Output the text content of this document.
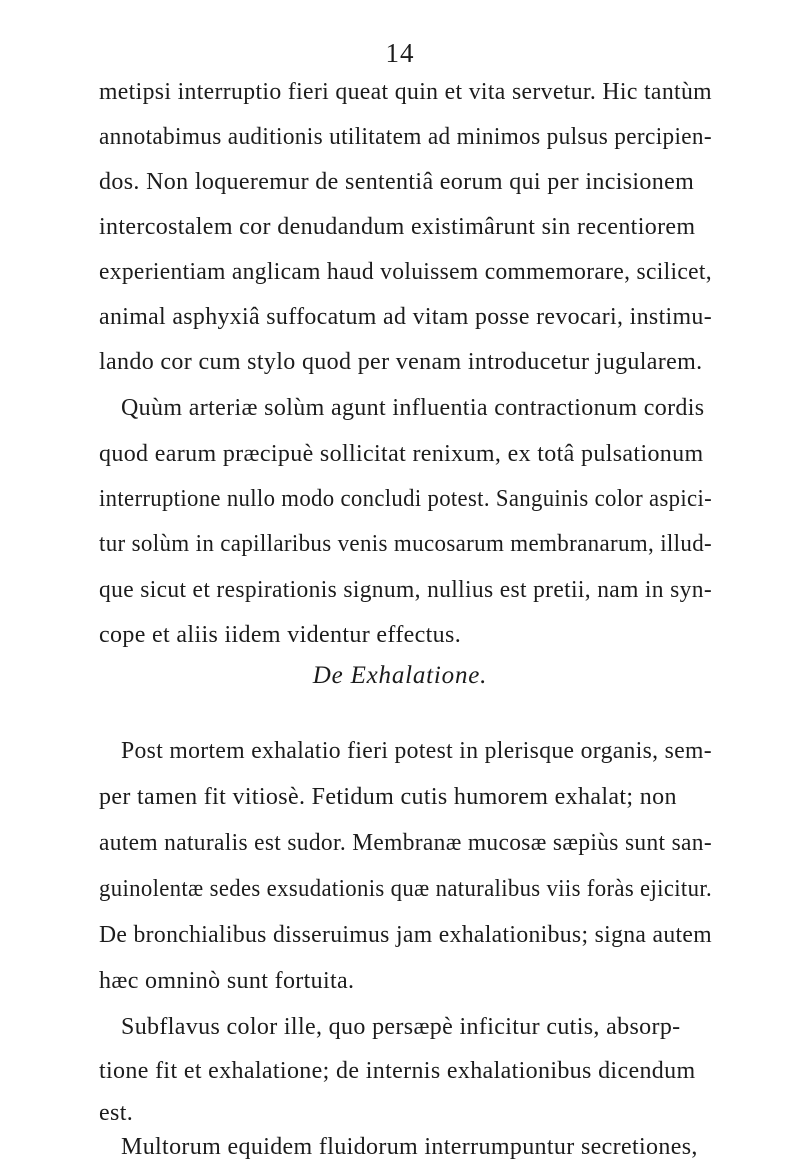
14
metipsi interruptio fieri queat quin et vita servetur. Hic tantùm
annotabimus auditionis utilitatem ad minimos pulsus percipien-
dos. Non loqueremur de sententiâ eorum qui per incisionem
intercostalem cor denudandum existimârunt sin recentiorem
experientiam anglicam haud voluissem commemorare, scilicet,
animal asphyxiâ suffocatum ad vitam posse revocari, instimu-
lando cor cum stylo quod per venam introducetur jugularem.
Quùm arteriæ solùm agunt influentia contractionum cordis
quod earum præcipuè sollicitat renixum, ex totâ pulsationum
interruptione nullo modo concludi potest. Sanguinis color aspici-
tur solùm in capillaribus venis mucosarum membranarum, illud-
que sicut et respirationis signum, nullius est pretii, nam in syn-
cope et aliis iidem videntur effectus.
De Exhalatione.
Post mortem exhalatio fieri potest in plerisque organis, sem-
per tamen fit vitiosè. Fetidum cutis humorem exhalat; non
autem naturalis est sudor. Membranæ mucosæ sæpiùs sunt san-
guinolentæ sedes exsudationis quæ naturalibus viis foràs ejicitur.
De bronchialibus disseruimus jam exhalationibus; signa autem
hæc omninò sunt fortuita.
Subflavus color ille, quo persæpè inficitur cutis, absorp-
tione fit et exhalatione; de internis exhalationibus dicendum
est.
Multorum equidem fluidorum interrumpuntur secretiones,
